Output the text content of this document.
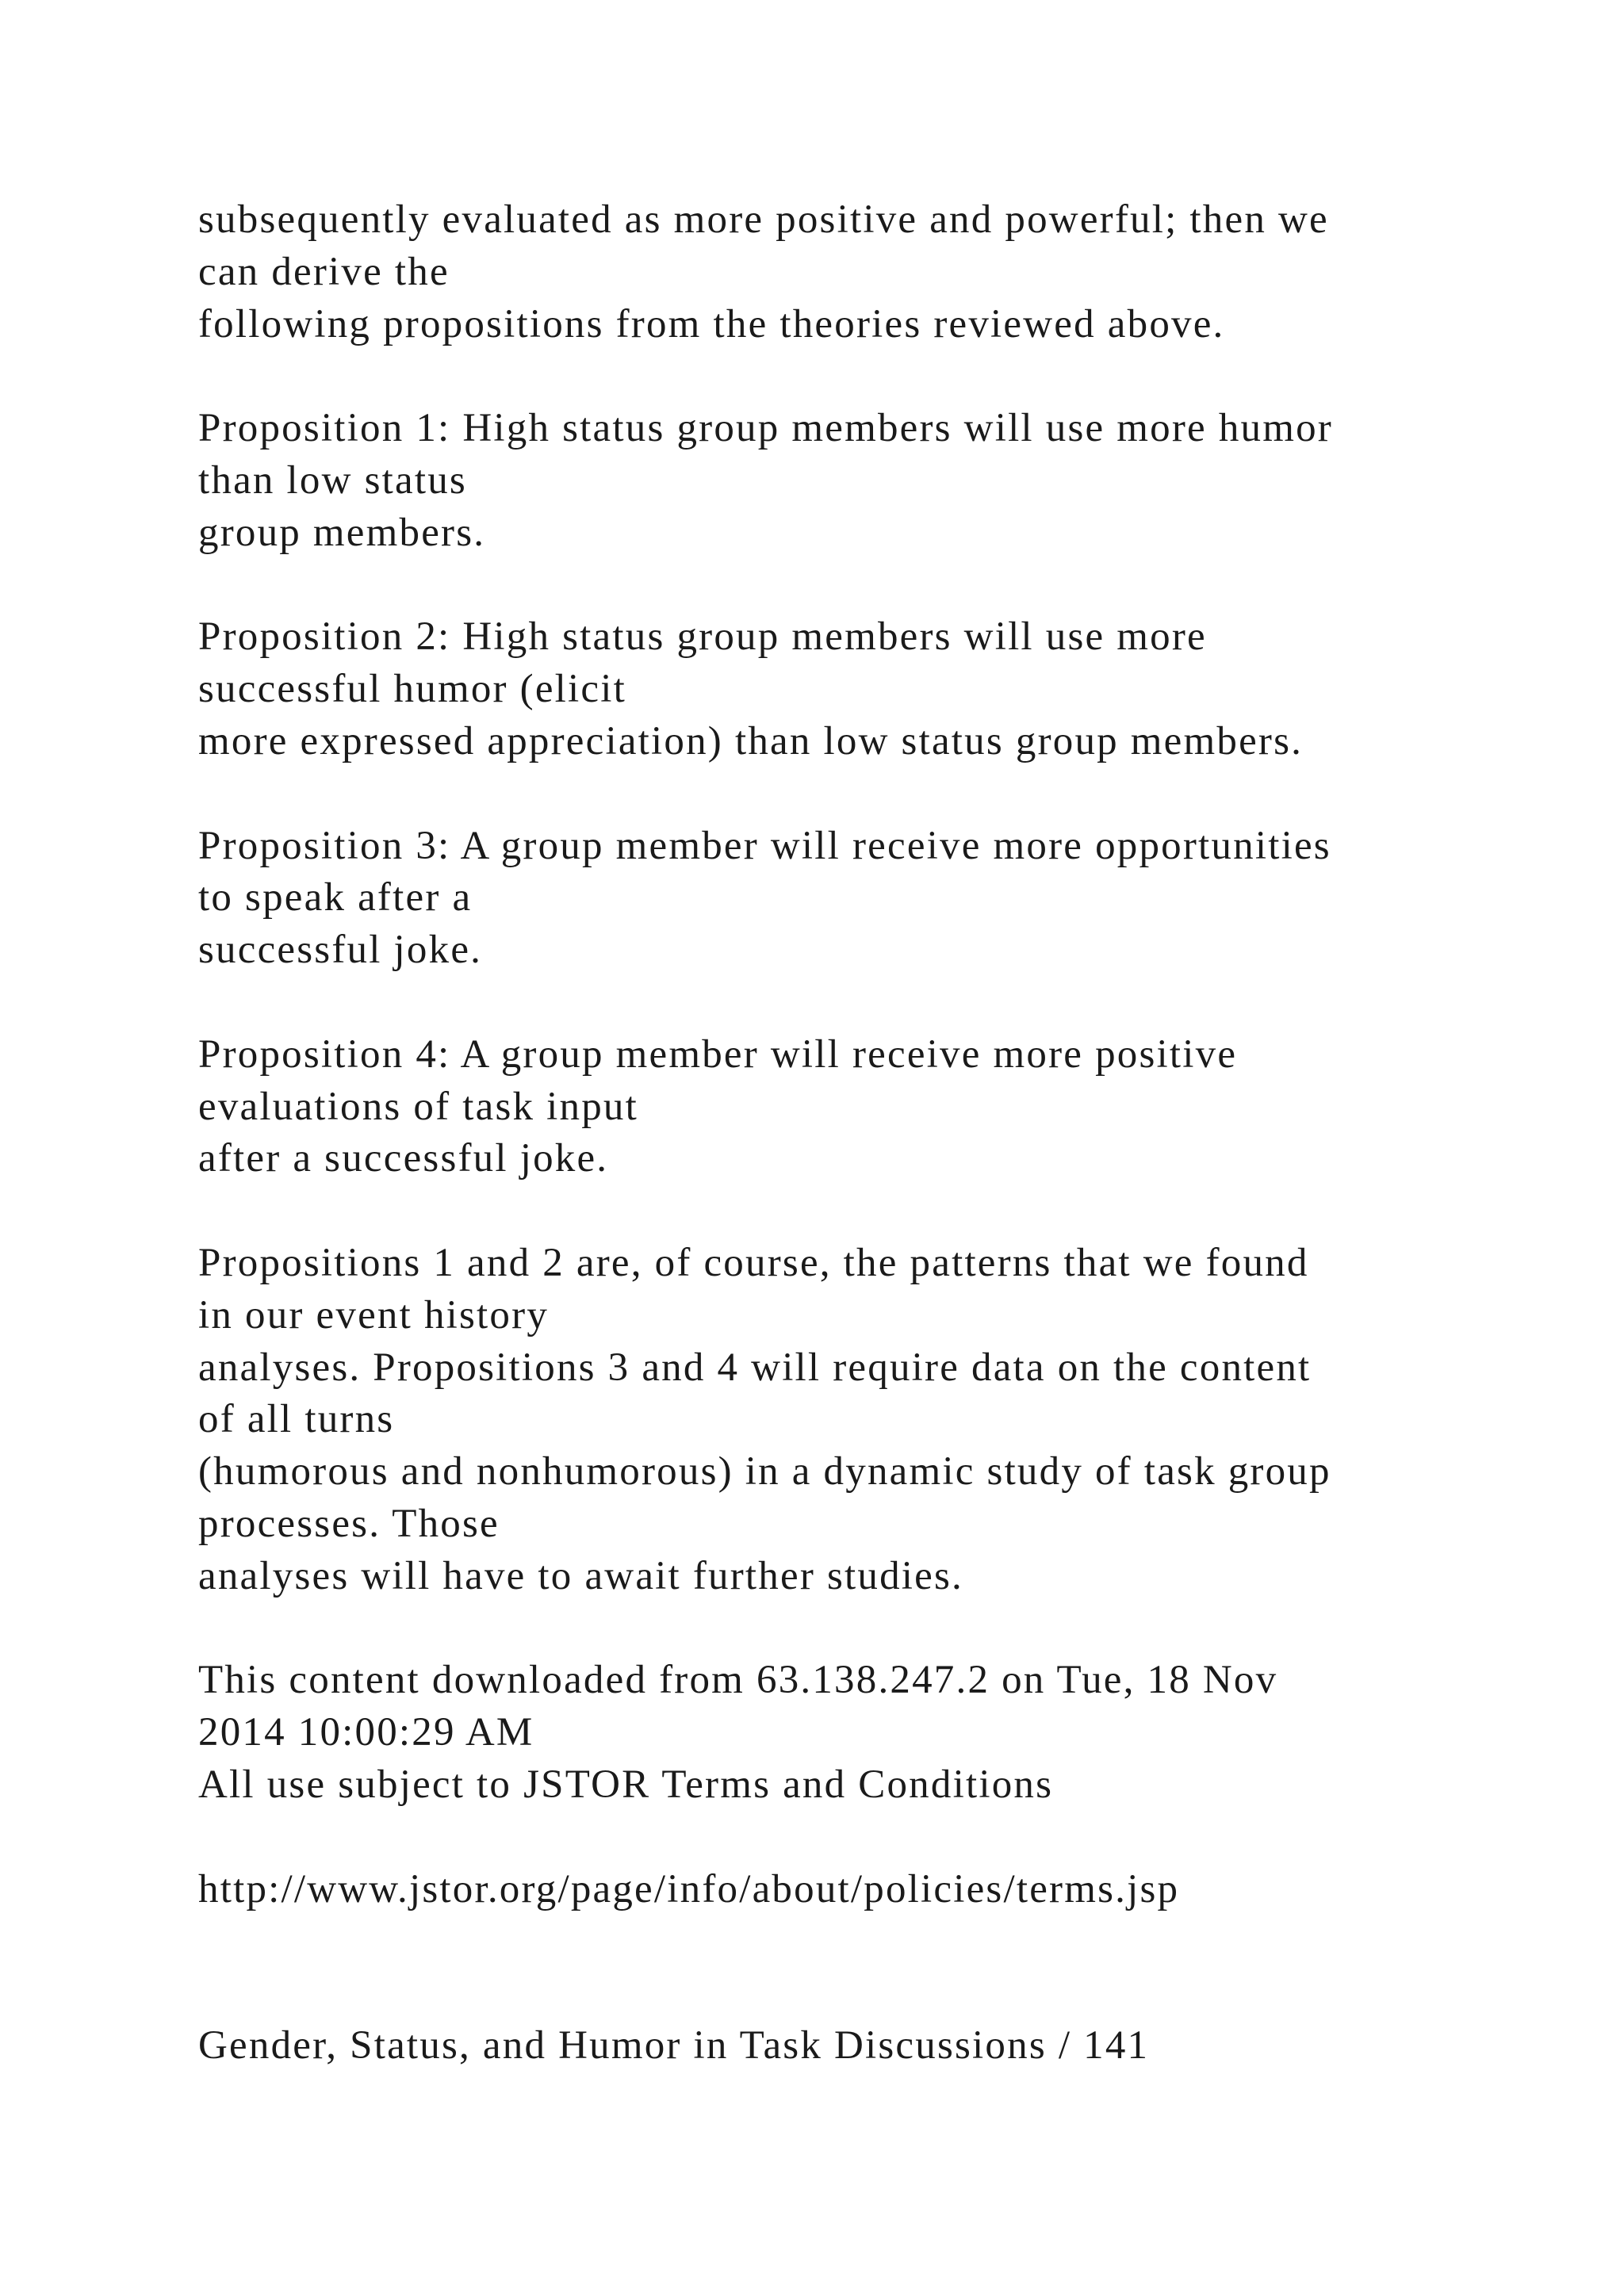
subsequently evaluated as more positive and powerful; then we
can derive the
following propositions from the theories reviewed above.
Proposition 1: High status group members will use more humor
than low status
group members.
Proposition 2: High status group members will use more
successful humor (elicit
more expressed appreciation) than low status group members.
Proposition 3: A group member will receive more opportunities
to speak after a
successful joke.
Proposition 4: A group member will receive more positive
evaluations of task input
after a successful joke.
Propositions 1 and 2 are, of course, the patterns that we found
in our event history
analyses. Propositions 3 and 4 will require data on the content
of all turns
(humorous and nonhumorous) in a dynamic study of task group
processes. Those
analyses will have to await further studies.
This content downloaded from 63.138.247.2 on Tue, 18 Nov
2014 10:00:29 AM
All use subject to JSTOR Terms and Conditions
http://www.jstor.org/page/info/about/policies/terms.jsp
Gender, Status, and Humor in Task Discussions / 141
